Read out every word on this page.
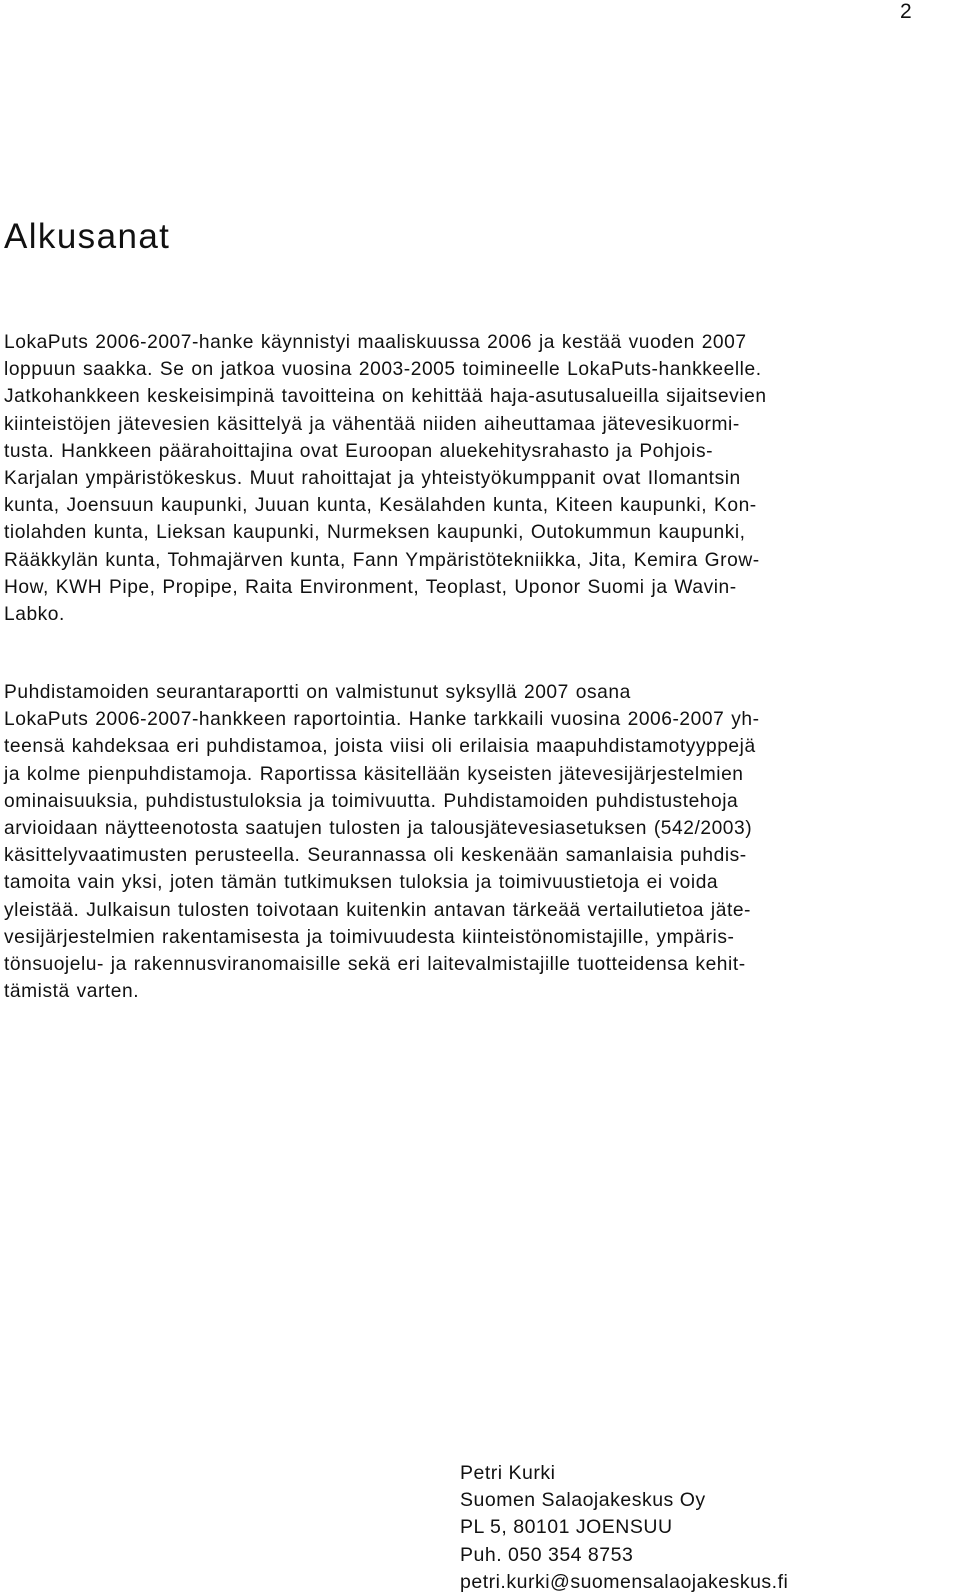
2
Alkusanat

LokaPuts 2006-2007-hanke käynnistyi maaliskuussa 2006 ja kestää vuoden 2007
loppuun saakka. Se on jatkoa vuosina 2003-2005 toimineelle LokaPuts-hankkeelle.
Jatkohankkeen keskeisimpinä tavoitteina on kehittää haja-asutusalueilla sijaitsevien
kiinteistöjen jätevesien käsittelyä ja vähentää niiden aiheuttamaa jätevesikuormi-
tusta. Hankkeen päärahoittajina ovat Euroopan aluekehitysrahasto ja Pohjois-
Karjalan ympäristökeskus. Muut rahoittajat ja yhteistyökumppanit ovat Ilomantsin
kunta, Joensuun kaupunki, Juuan kunta, Kesälahden kunta, Kiteen kaupunki, Kon-
tiolahden kunta, Lieksan kaupunki, Nurmeksen kaupunki, Outokummun kaupunki,
Rääkkylän kunta, Tohmajärven kunta, Fann Ympäristötekniikka, Jita, Kemira Grow-
How, KWH Pipe, Propipe, Raita Environment, Teoplast, Uponor Suomi ja Wavin-
Labko.

Puhdistamoiden seurantaraportti on valmistunut syksyllä 2007 osana
LokaPuts 2006-2007-hankkeen raportointia. Hanke tarkkaili vuosina 2006-2007 yh-
teensä kahdeksaa eri puhdistamoa, joista viisi oli erilaisia maapuhdistamotyyppejä
ja kolme pienpuhdistamoja. Raportissa käsitellään kyseisten jätevesijärjestelmien
ominaisuuksia, puhdistustuloksia ja toimivuutta. Puhdistamoiden puhdistustehoja
arvioidaan näytteenotosta saatujen tulosten ja talousjätevesiasetuksen (542/2003)
käsittelyvaatimusten perusteella. Seurannassa oli keskenään samanlaisia puhdis-
tamoita vain yksi, joten tämän tutkimuksen tuloksia ja toimivuustietoja ei voida
yleistää. Julkaisun tulosten toivotaan kuitenkin antavan tärkeää vertailutietoa jäte-
vesijärjestelmien rakentamisesta ja toimivuudesta kiinteistönomistajille, ympäris-
tönsuojelu- ja rakennusviranomaisille sekä eri laitevalmistajille tuotteidensa kehit-
tämistä varten.

Petri Kurki
Suomen Salaojakeskus Oy
PL 5, 80101 JOENSUU
Puh. 050 354 8753
petri.kurki@suomensalaojakeskus.fi
